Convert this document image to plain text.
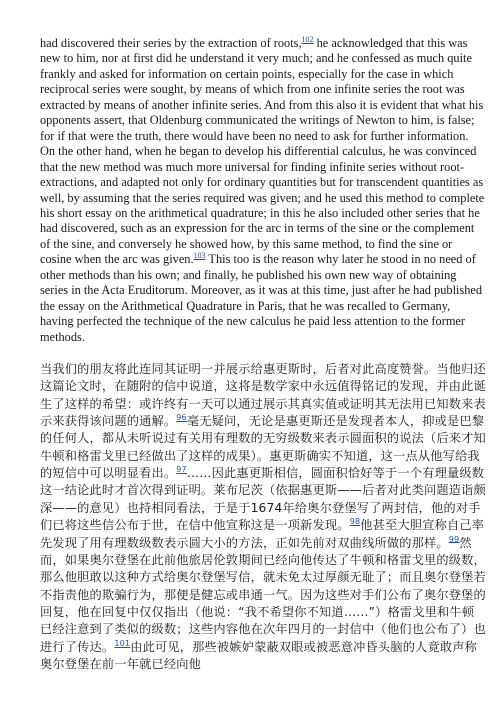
had discovered their series by the extraction of roots,$^{102}$ he acknowledged that this was new to him, nor at first did he understand it very much; and he confessed as much quite frankly and asked for information on certain points, especially for the case in which reciprocal series were sought, by means of which from one infinite series the root was extracted by means of another infinite series. And from this also it is evident that what his opponents assert, that Oldenburg communicated the writings of Newton to him, is false; for if that were the truth, there would have been no need to ask for further information. On the other hand, when he began to develop his differential calculus, he was convinced that the new method was much more universal for finding infinite series without root-extractions, and adapted not only for ordinary quantities but for transcendent quantities as well, by assuming that the series required was given; and he used this method to complete his short essay on the arithmetical quadrature; in this he also included other series that he had discovered, such as an expression for the arc in terms of the sine or the complement of the sine, and conversely he showed how, by this same method, to find the sine or cosine when the arc was given.$^{103}$ This too is the reason why later he stood in no need of other methods than his own; and finally, he published his own new way of obtaining series in the Acta Eruditorum. Moreover, as it was at this time, just after he had published the essay on the Arithmetical Quadrature in Paris, that he was recalled to Germany, having perfected the technique of the new calculus he paid less attention to the former methods.

当我们的朋友将此连同其证明一并展示给惠更斯时，后者对此高度赞誉。当他归还这篇论文时，在随附的信中说道，这将是数学家中永远值得铭记的发现，并由此诞生了这样的希望：或许终有一天可以通过展示其真实值或证明其无法用已知数来表示来获得该问题的通解。$^{96}$毫无疑问，无论是惠更斯还是发现者本人，抑或是巴黎的任何人，都从未听说过有关用有理数的无穷级数来表示圆面积的说法（后来才知牛顿和格雷戈里已经做出了这样的成果）。惠更斯确实不知道，这一点从他写给我的短信中可以明显看出。$^{97}$……因此惠更斯相信，圆面积恰好等于一个有理量级数这一结论此时才首次得到证明。莱布尼茨（依据惠更斯——后者对此类问题造诣颇深——的意见）也持相同看法，于是于1674年给奥尔登堡写了两封信，他的对手们已将这些信公布于世，在信中他宣称这是一项新发现。$^{98}$他甚至大胆宣称自己率先发现了用有理数级数表示圆大小的方法，正如先前对双曲线所做的那样。$^{99}$然而，如果奥尔登堡在此前他旅居伦敦期间已经向他传达了牛顿和格雷戈里的级数，那么他胆敢以这种方式给奥尔登堡写信，就未免太过厚颜无耻了；而且奥尔登堡若不指责他的欺骗行为，那便是健忘或串通一气。因为这些对手们公布了奥尔登堡的回复，他在回复中仅仅指出（他说：“我不希望你不知道……”）格雷戈里和牛顿已经注意到了类似的级数；这些内容他在次年四月的一封信中（他们也公布了）也进行了传达。$^{101}$由此可见，那些被嫉妒蒙蔽双眼或被恶意冲昏头脑的人竟敢声称奥尔登堡在前一年就已经向他
